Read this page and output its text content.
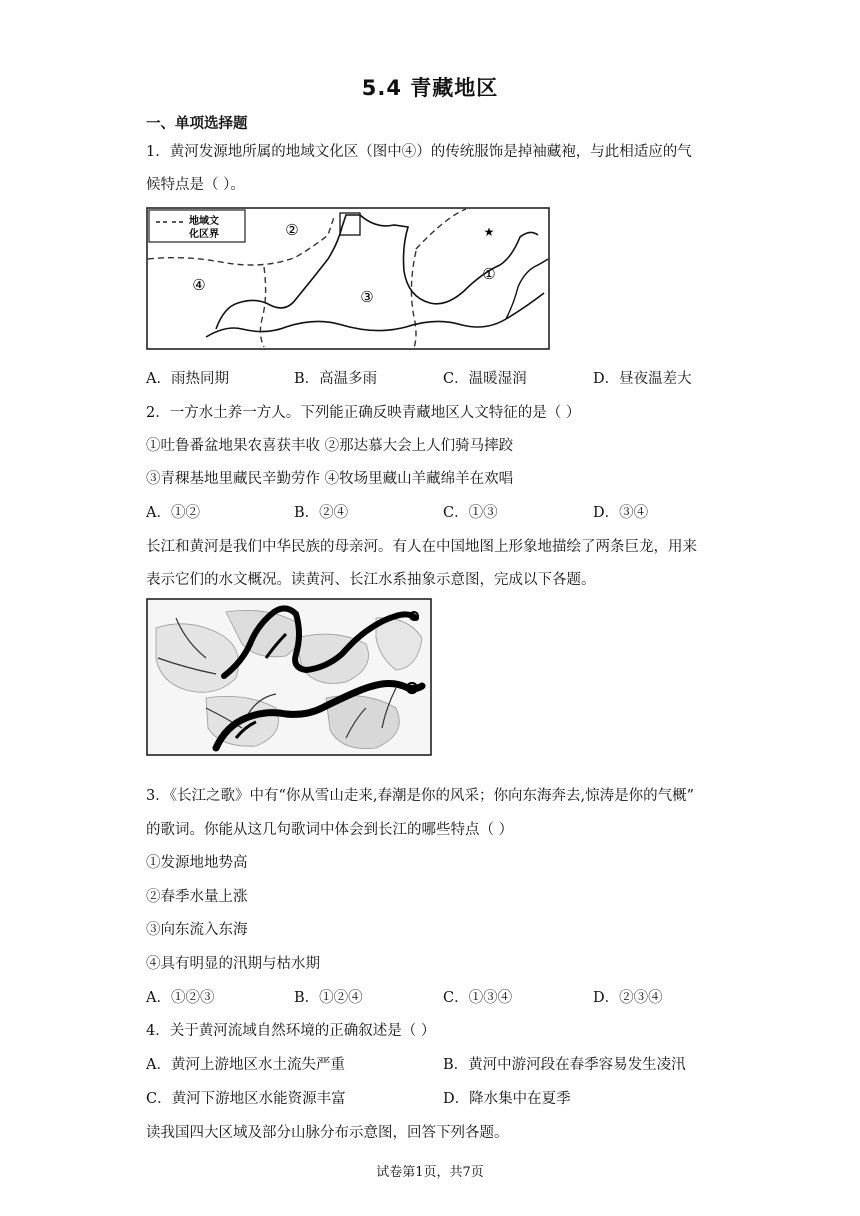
5.4 青藏地区
一、单项选择题
1．黄河发源地所属的地域文化区（图中④）的传统服饰是掉袖藏袍，与此相适应的气
候特点是（ ）。
地域文
化区界	②
④
③
①
★
A．雨热同期	B．高温多雨	C．温暖湿润	D．昼夜温差大
2．一方水土养一方人。下列能正确反映青藏地区人文特征的是（ ）
①吐鲁番盆地果农喜获丰收 ②那达慕大会上人们骑马摔跤
③青稞基地里藏民辛勤劳作 ④牧场里藏山羊藏绵羊在欢唱
A．①②	B．②④	C．①③	D．③④
长江和黄河是我们中华民族的母亲河。有人在中国地图上形象地描绘了两条巨龙，用来
表示它们的水文概况。读黄河、长江水系抽象示意图，完成以下各题。
3．《长江之歌》中有“你从雪山走来,春潮是你的风采；你向东海奔去,惊涛是你的气概”
的歌词。你能从这几句歌词中体会到长江的哪些特点（ ）
①发源地地势高
②春季水量上涨
③向东流入东海
④具有明显的汛期与枯水期
A．①②③	B．①②④	C．①③④	D．②③④
4．关于黄河流域自然环境的正确叙述是（ ）
A．黄河上游地区水土流失严重	B．黄河中游河段在春季容易发生凌汛
C．黄河下游地区水能资源丰富	D．降水集中在夏季
读我国四大区域及部分山脉分布示意图，回答下列各题。
试卷第1页，共7页
